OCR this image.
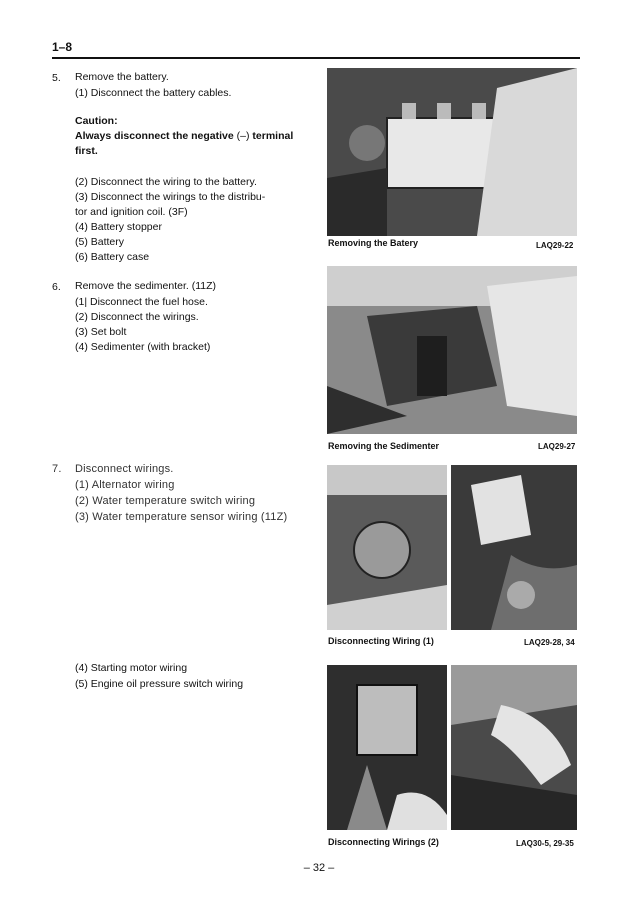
1–8
5. Remove the battery.
(1) Disconnect the battery cables.
Caution:
Always disconnect the negative (–) terminal
first.
(2) Disconnect the wiring to the battery.
(3) Disconnect the wirings to the distribu-
tor and ignition coil. (3F)
(4) Battery stopper
(5) Battery
(6) Battery case
6. Remove the sedimenter. (11Z)
(1| Disconnect the fuel hose.
(2) Disconnect the wirings.
(3) Set bolt
(4) Sedimenter (with bracket)
7. Disconnect wirings.
(1) Alternator wiring
(2) Water temperature switch wiring
(3) Water temperature sensor wiring (11Z)
(4) Starting motor wiring
(5) Engine oil pressure switch wiring
Removing the Batery	LAQ29-22
Removing the Sedimenter	LAQ29-27
Disconnecting Wiring (1)	LAQ29-28, 34
Disconnecting Wirings (2)	LAQ30-5, 29-35
– 32 –
